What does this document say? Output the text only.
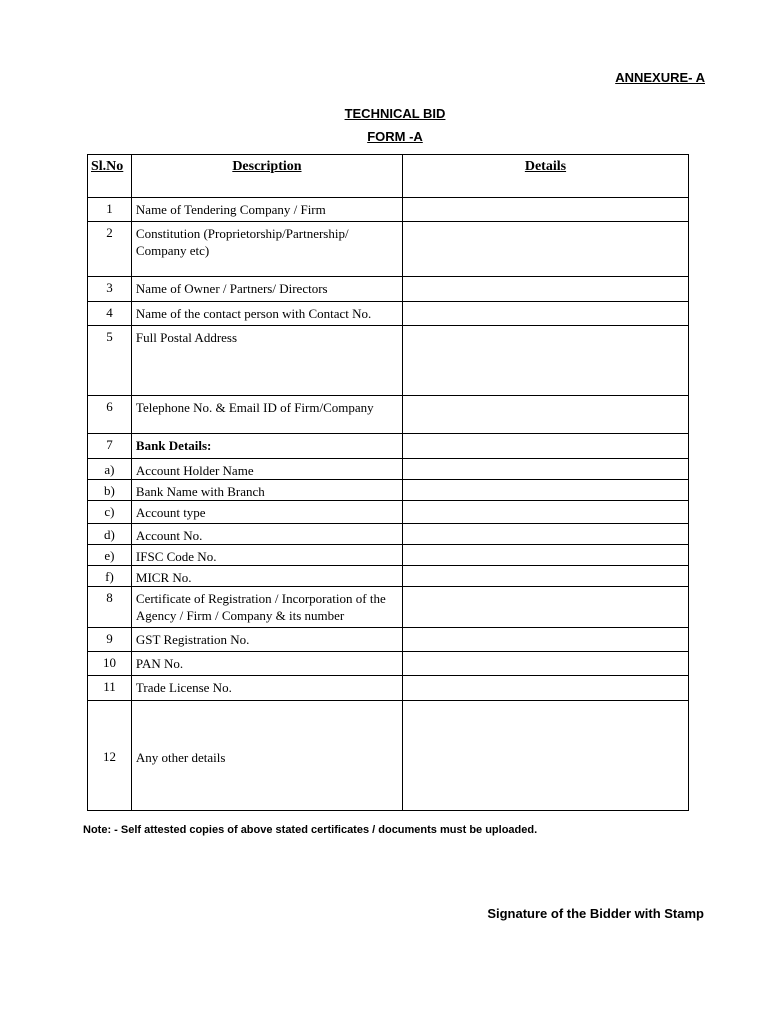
ANNEXURE- A
TECHNICAL BID
FORM -A
Sl.No	Description	Details
1	Name of Tendering Company / Firm	
2	Constitution (Proprietorship/Partnership/ Company etc)	
3	Name of Owner / Partners/ Directors	
4	Name of the contact person with Contact No.	
5	Full Postal Address	
6	Telephone No. & Email ID of Firm/Company	
7	Bank Details:	
a)	Account Holder Name	
b)	Bank Name with Branch	
c)	Account type	
d)	Account No.	
e)	IFSC Code No.	
f)	MICR No.	
8	Certificate of Registration / Incorporation of the Agency / Firm / Company & its number	
9	GST Registration No.	
10	PAN No.	
11	Trade License No.	
12	Any other details	
Note: - Self attested copies of above stated certificates / documents must be uploaded.
Signature of the Bidder with Stamp
